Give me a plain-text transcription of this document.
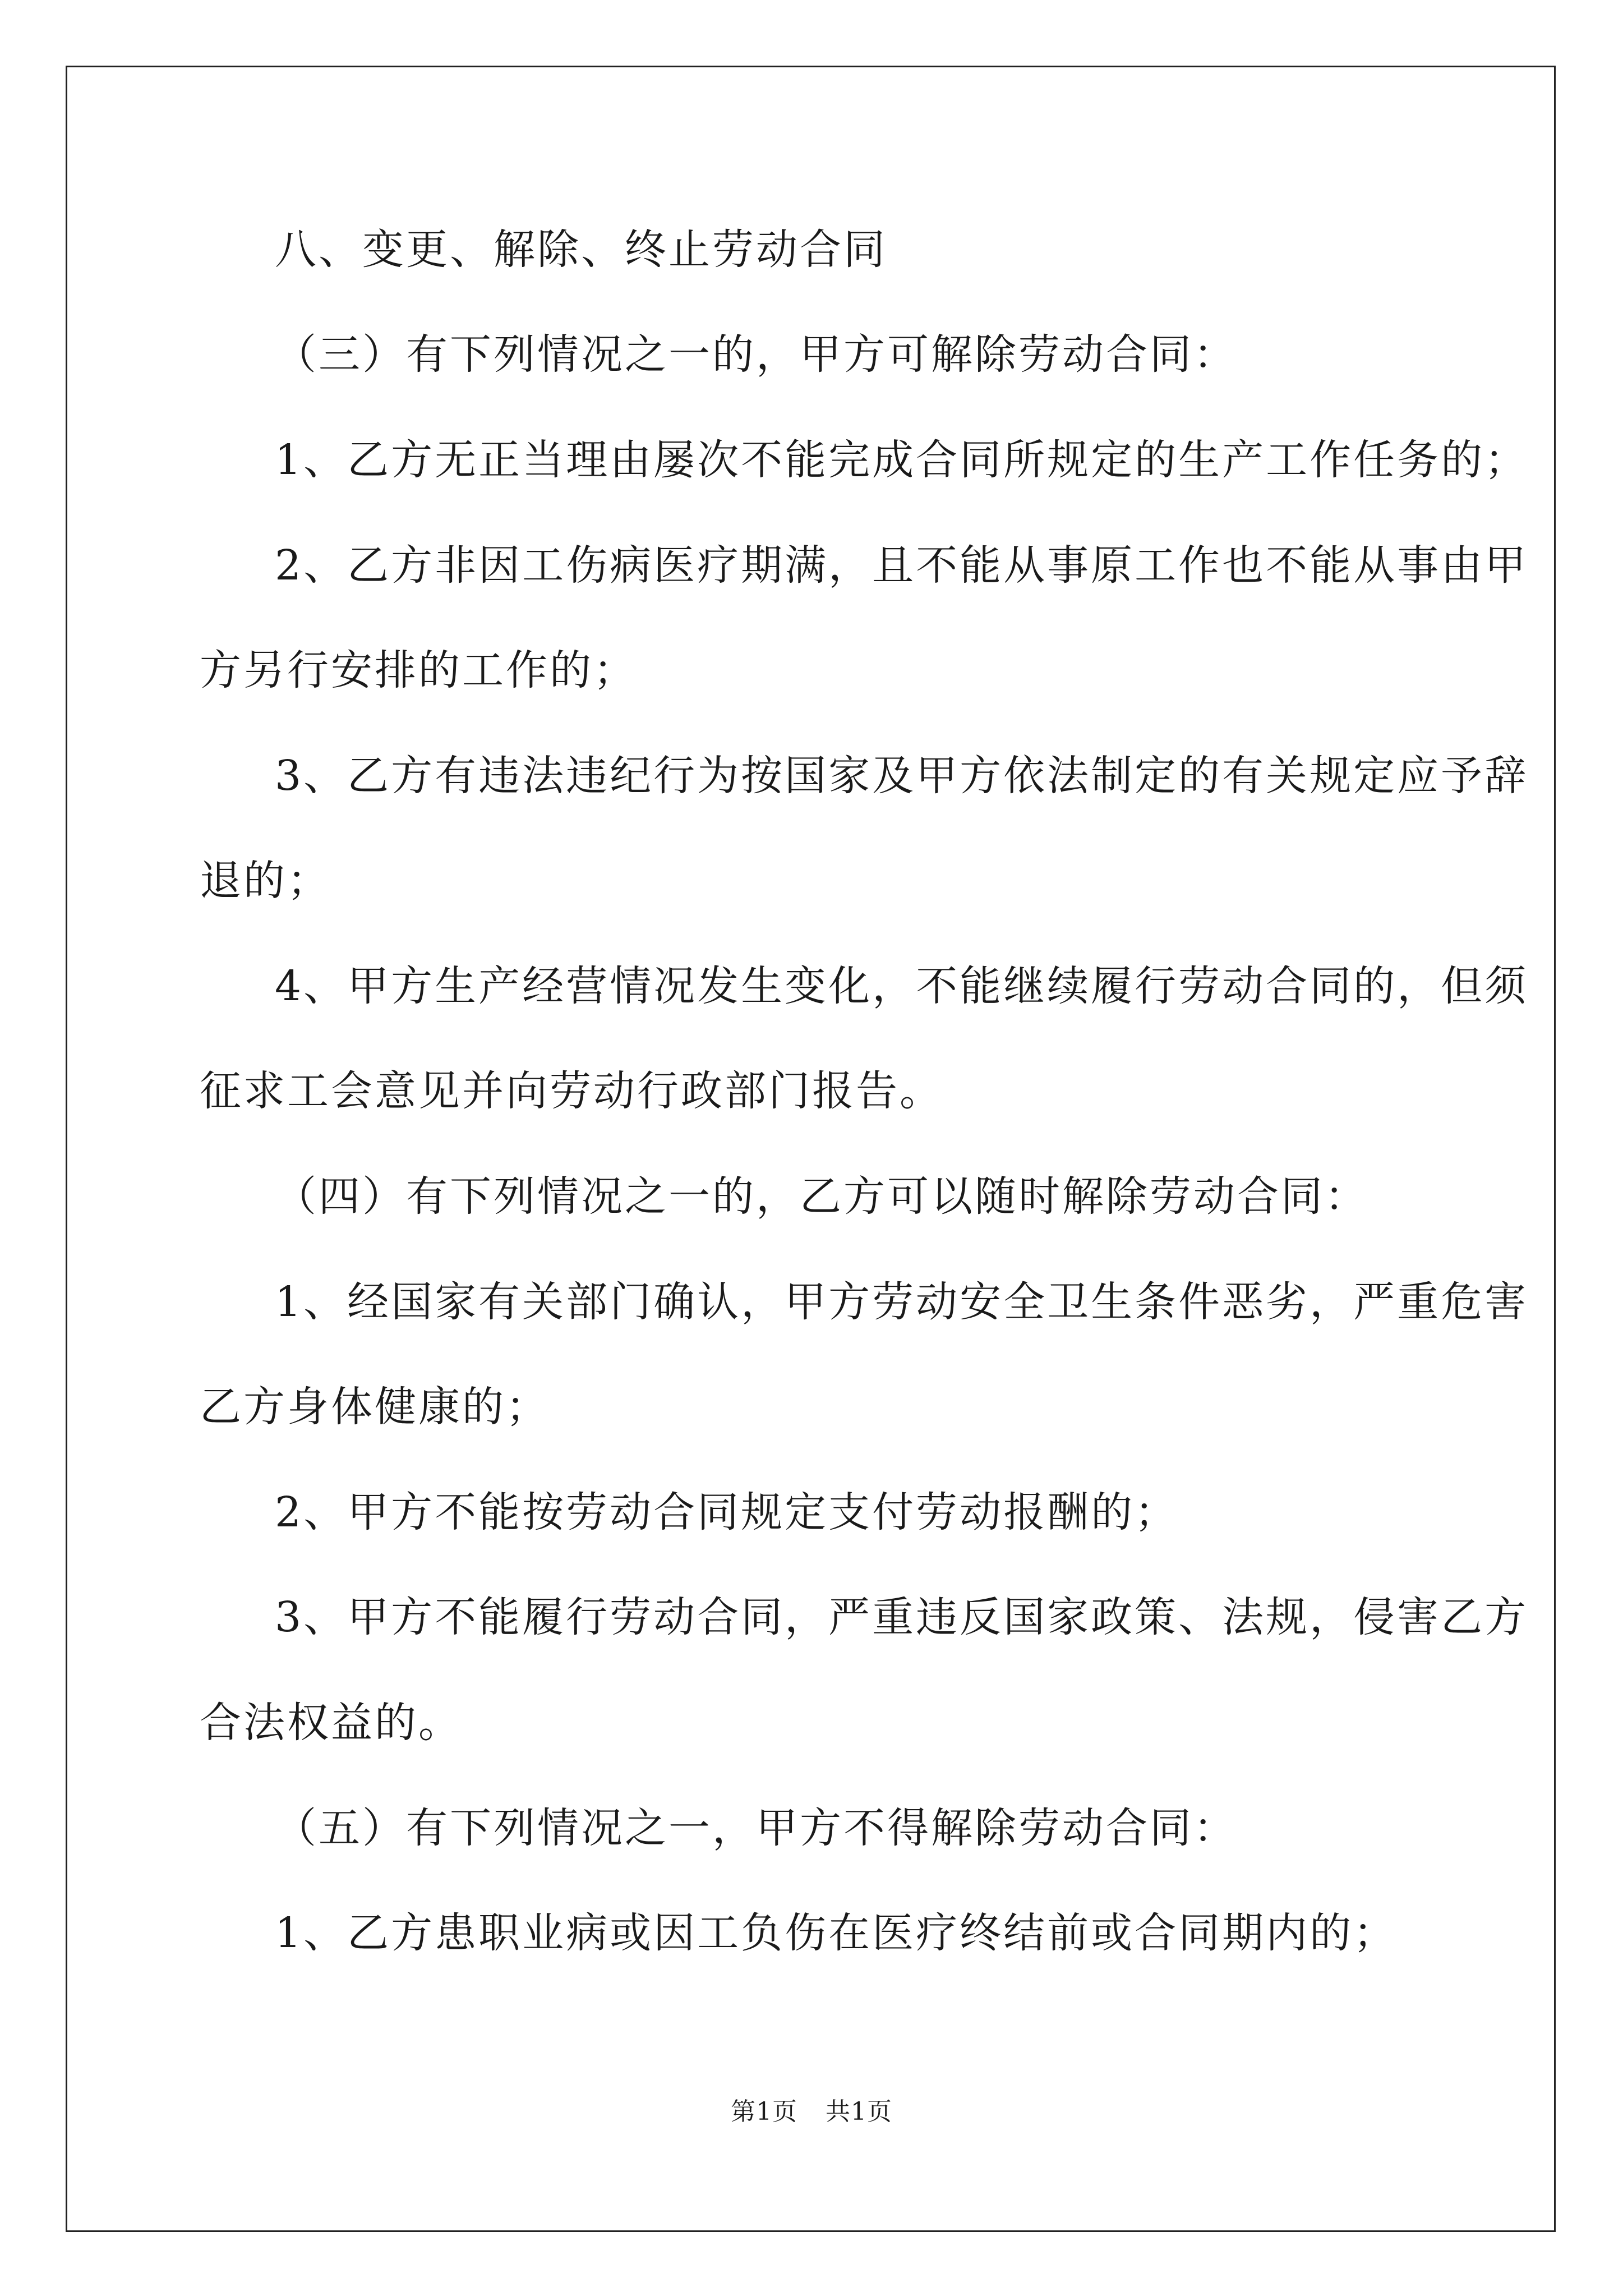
八、变更、解除、终止劳动合同
（三）有下列情况之一的，甲方可解除劳动合同：
1、乙方无正当理由屡次不能完成合同所规定的生产工作任务的；
2、乙方非因工伤病医疗期满，且不能从事原工作也不能从事由甲
方另行安排的工作的；
3、乙方有违法违纪行为按国家及甲方依法制定的有关规定应予辞
退的；
4、甲方生产经营情况发生变化，不能继续履行劳动合同的，但须
征求工会意见并向劳动行政部门报告。
（四）有下列情况之一的，乙方可以随时解除劳动合同：
1、经国家有关部门确认，甲方劳动安全卫生条件恶劣，严重危害
乙方身体健康的；
2、甲方不能按劳动合同规定支付劳动报酬的；
3、甲方不能履行劳动合同，严重违反国家政策、法规，侵害乙方
合法权益的。
（五）有下列情况之一，甲方不得解除劳动合同：
1、乙方患职业病或因工负伤在医疗终结前或合同期内的；
第1页 共1页
